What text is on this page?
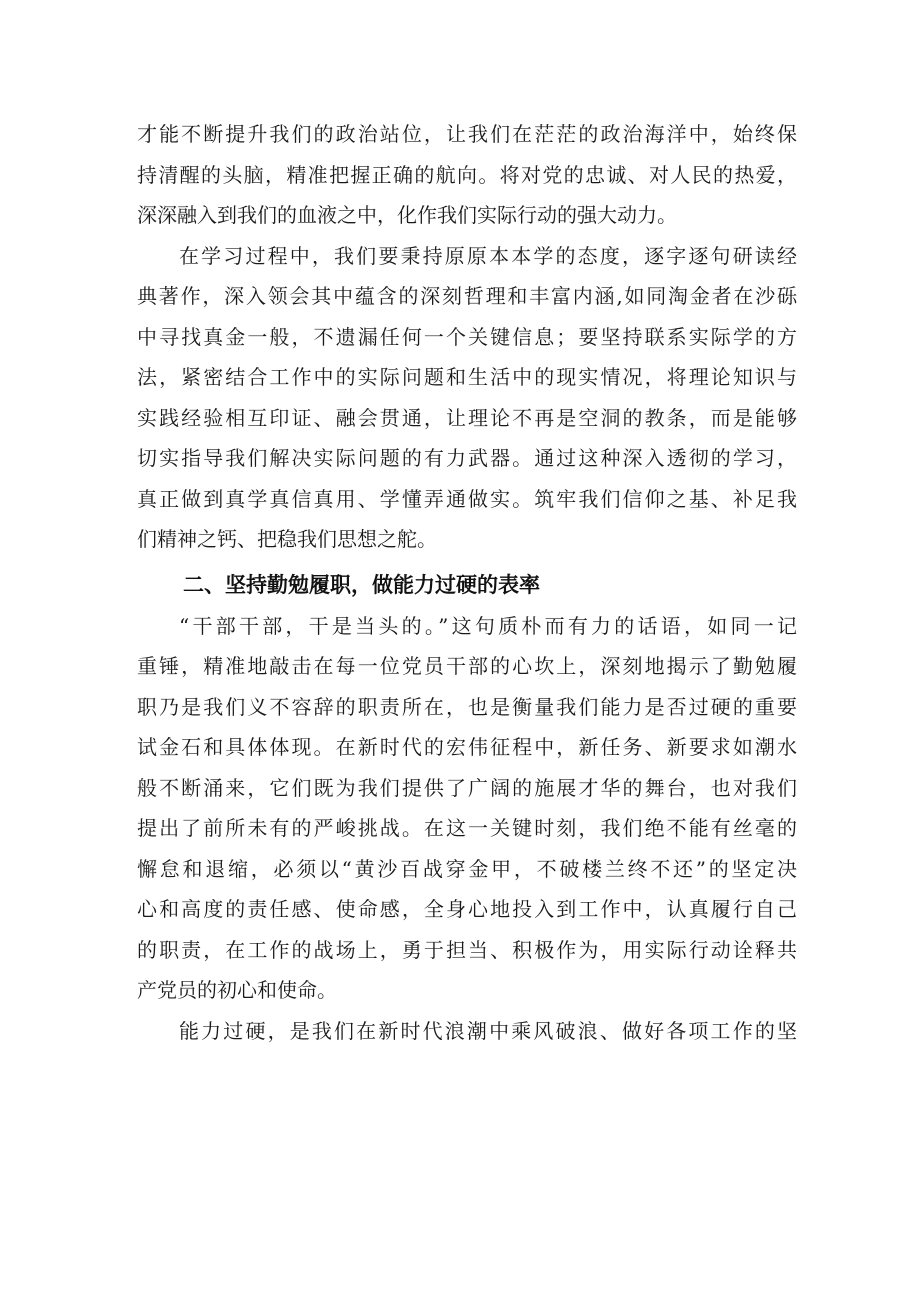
才能不断提升我们的政治站位，让我们在茫茫的政治海洋中，始终保
持清醒的头脑，精准把握正确的航向。将对党的忠诚、对人民的热爱，
深深融入到我们的血液之中，化作我们实际行动的强大动力。
在学习过程中，我们要秉持原原本本学的态度，逐字逐句研读经
典著作，深入领会其中蕴含的深刻哲理和丰富内涵,如同淘金者在沙砾
中寻找真金一般，不遗漏任何一个关键信息；要坚持联系实际学的方
法，紧密结合工作中的实际问题和生活中的现实情况，将理论知识与
实践经验相互印证、融会贯通，让理论不再是空洞的教条，而是能够
切实指导我们解决实际问题的有力武器。通过这种深入透彻的学习，
真正做到真学真信真用、学懂弄通做实。筑牢我们信仰之基、补足我
们精神之钙、把稳我们思想之舵。
二、坚持勤勉履职，做能力过硬的表率
“干部干部，干是当头的。”这句质朴而有力的话语，如同一记
重锤，精准地敲击在每一位党员干部的心坎上，深刻地揭示了勤勉履
职乃是我们义不容辞的职责所在，也是衡量我们能力是否过硬的重要
试金石和具体体现。在新时代的宏伟征程中，新任务、新要求如潮水
般不断涌来，它们既为我们提供了广阔的施展才华的舞台，也对我们
提出了前所未有的严峻挑战。在这一关键时刻，我们绝不能有丝毫的
懈怠和退缩，必须以“黄沙百战穿金甲，不破楼兰终不还”的坚定决
心和高度的责任感、使命感，全身心地投入到工作中，认真履行自己
的职责，在工作的战场上，勇于担当、积极作为，用实际行动诠释共
产党员的初心和使命。
能力过硬，是我们在新时代浪潮中乘风破浪、做好各项工作的坚
